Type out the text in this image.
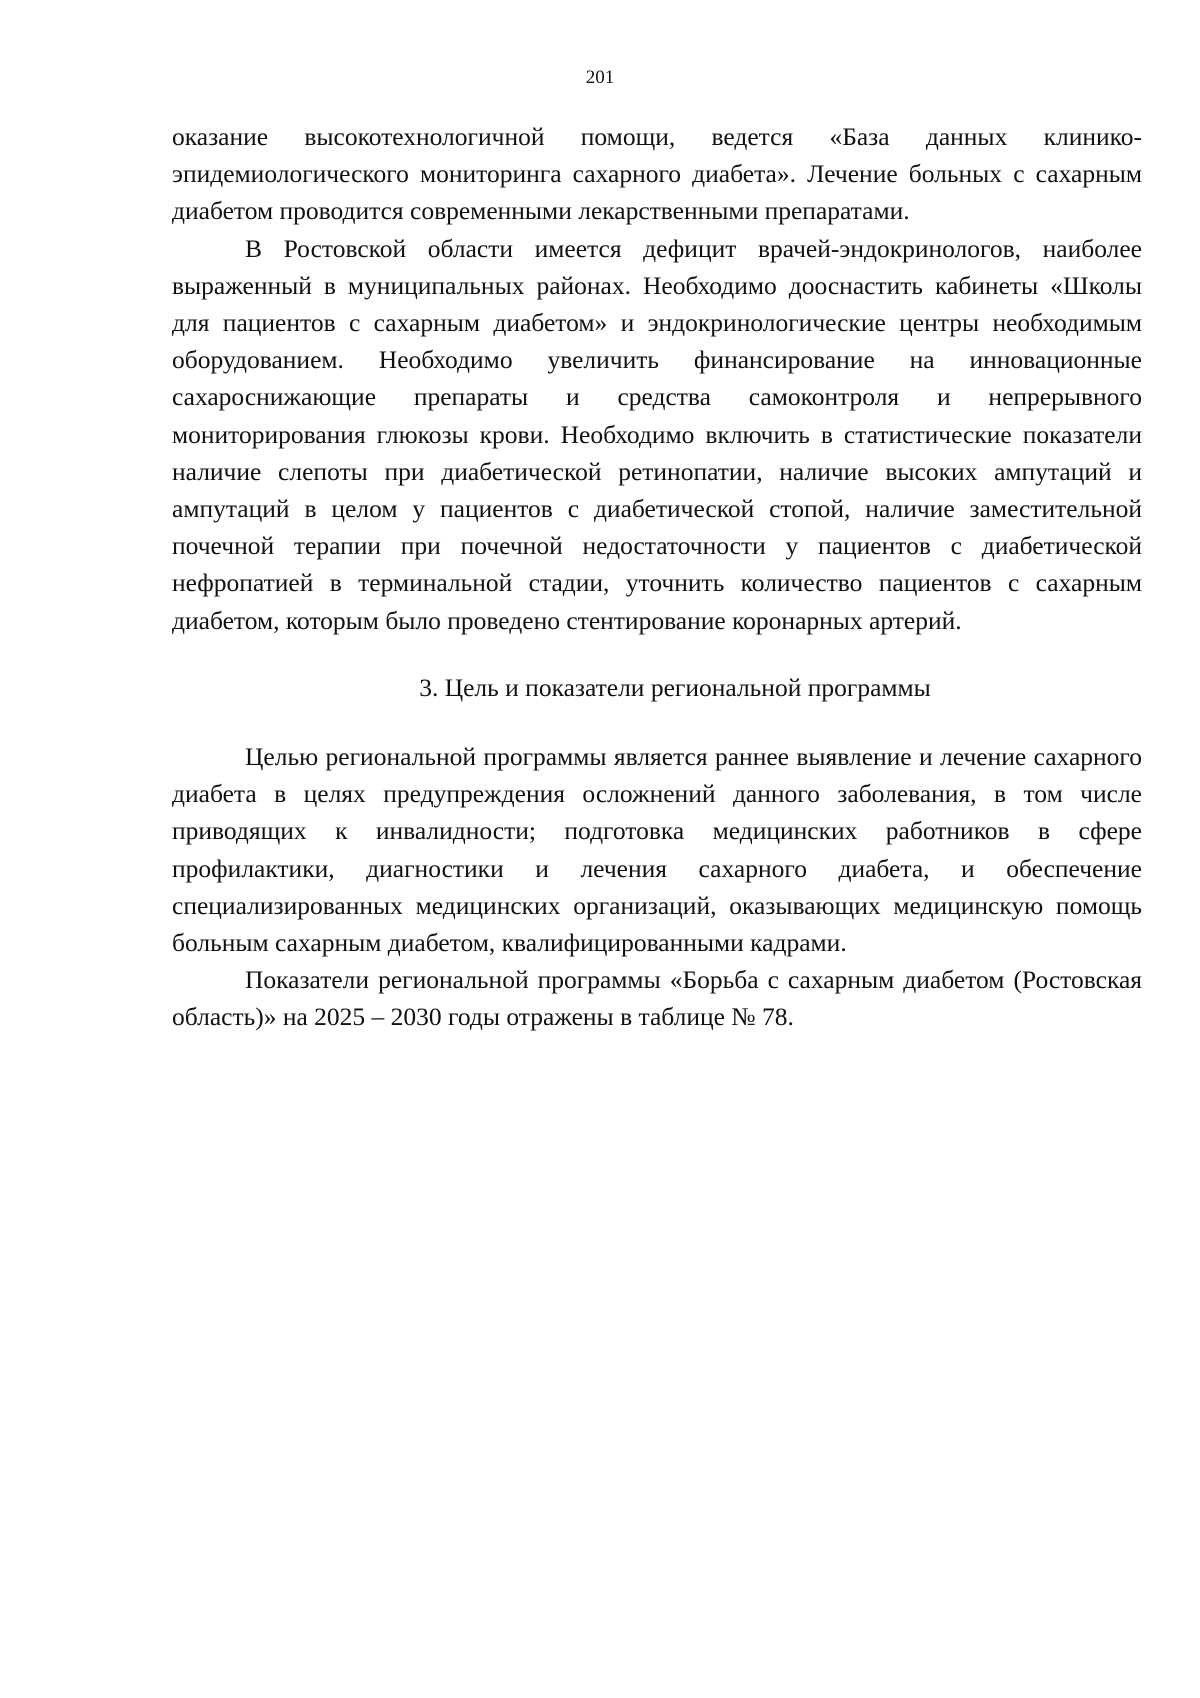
201

оказание высокотехнологичной помощи, ведется «База данных клинико-эпидемиологического мониторинга сахарного диабета». Лечение больных с сахарным диабетом проводится современными лекарственными препаратами.

В Ростовской области имеется дефицит врачей-эндокринологов, наиболее выраженный в муниципальных районах. Необходимо дооснастить кабинеты «Школы для пациентов с сахарным диабетом» и эндокринологические центры необходимым оборудованием. Необходимо увеличить финансирование на инновационные сахароснижающие препараты и средства самоконтроля и непрерывного мониторирования глюкозы крови. Необходимо включить в статистические показатели наличие слепоты при диабетической ретинопатии, наличие высоких ампутаций и ампутаций в целом у пациентов с диабетической стопой, наличие заместительной почечной терапии при почечной недостаточности у пациентов с диабетической нефропатией в терминальной стадии, уточнить количество пациентов с сахарным диабетом, которым было проведено стентирование коронарных артерий.

3. Цель и показатели региональной программы

Целью региональной программы является раннее выявление и лечение сахарного диабета в целях предупреждения осложнений данного заболевания, в том числе приводящих к инвалидности; подготовка медицинских работников в сфере профилактики, диагностики и лечения сахарного диабета, и обеспечение специализированных медицинских организаций, оказывающих медицинскую помощь больным сахарным диабетом, квалифицированными кадрами.

Показатели региональной программы «Борьба с сахарным диабетом (Ростовская область)» на 2025 – 2030 годы отражены в таблице № 78.
